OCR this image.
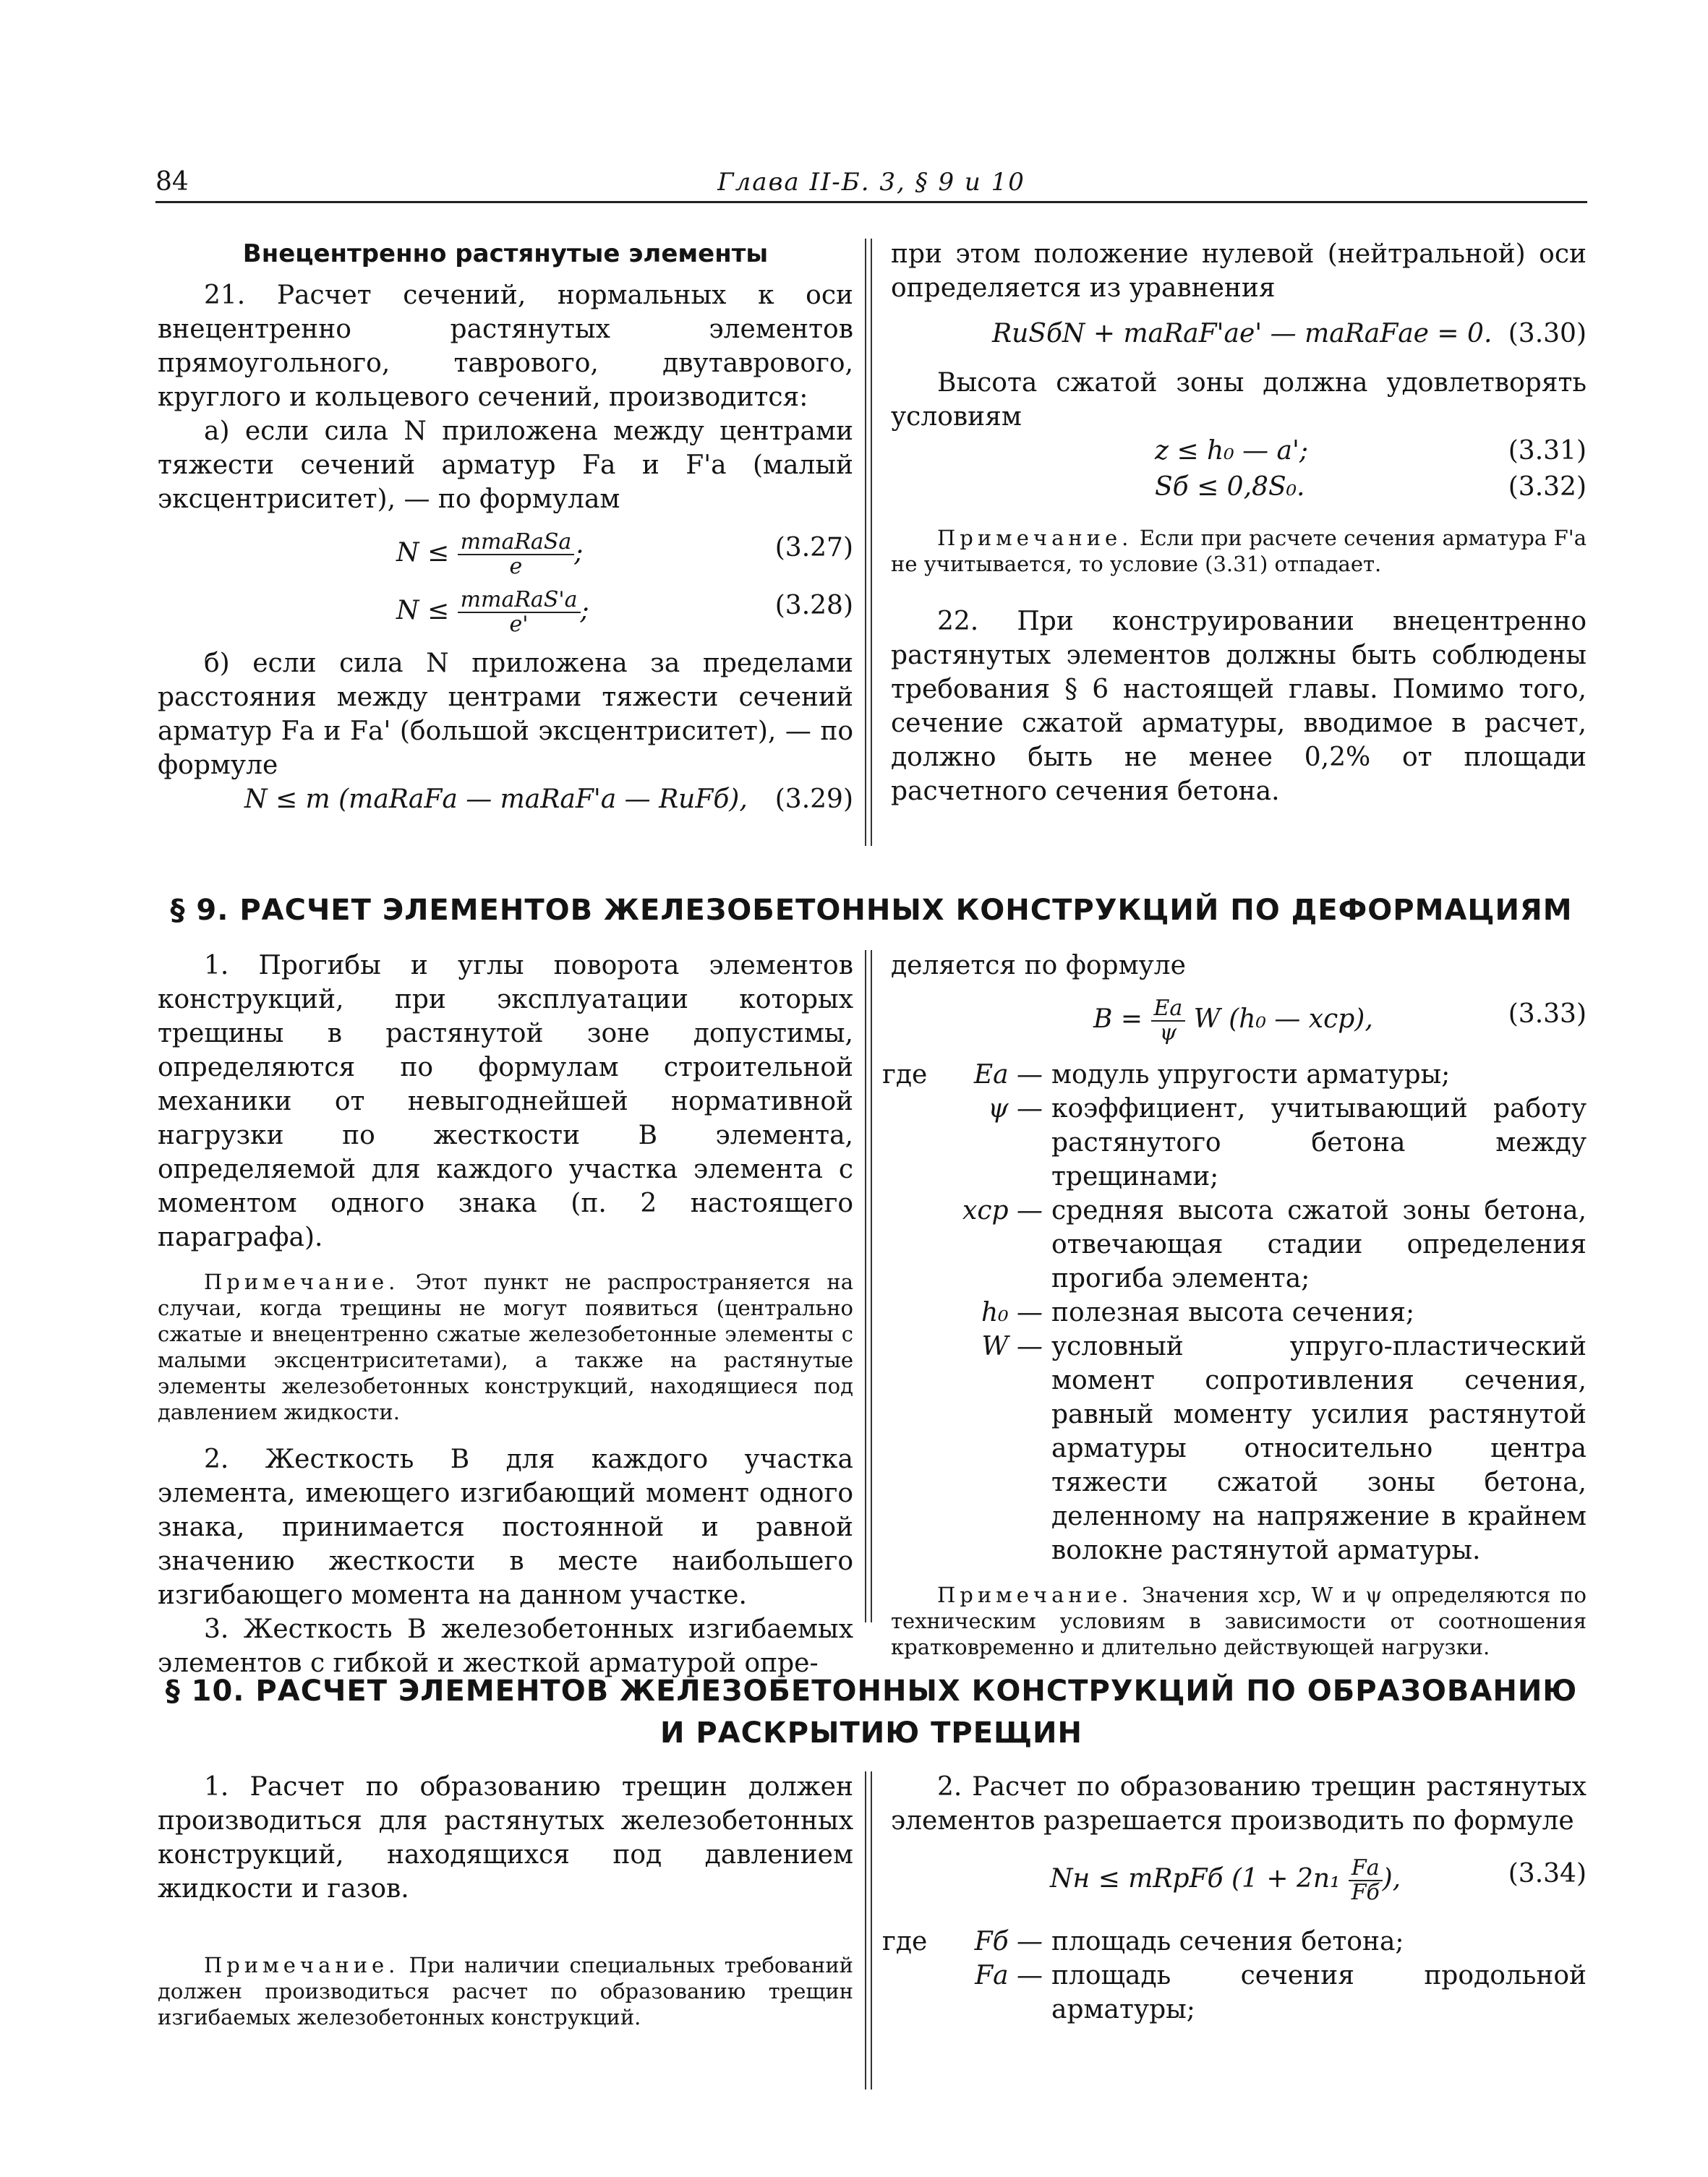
84	Глава II-Б. 3, § 9 и 10
Внецентренно растянутые элементы

21. Расчет сечений, нормальных к оси внецентренно растянутых элементов прямоугольного, таврового, двутаврового, круглого и кольцевого сечений, производится:

а) если сила N приложена между центрами тяжести сечений арматур Fа и F'а (малый эксцентриситет), — по формулам

$N \le \frac{\text{mmаRаSа}}{e}$ ;	(3.27)
$N \le \frac{\text{mmаRаS'а}}{e'}$ ;	(3.28)

б) если сила N приложена за пределами расстояния между центрами тяжести сечений арматур Fа и Fа' (большой эксцентриситет), — по формуле

N ≤ m (mаRаFа — mаRаF'а — RиFб), (3.29)

при этом положение нулевой (нейтральной) оси определяется из уравнения

RиSбN + mаRаF'аe' — mаRаFаe = 0. (3.30)

Высота сжатой зоны должна удовлетворять условиям

z ≤ h₀ — a';	(3.31)
Sб ≤ 0,8S₀.	(3.32)

Примечание. Если при расчете сечения арматура F'а не учитывается, то условие (3.31) отпадает.

22. При конструировании внецентренно растянутых элементов должны быть соблюдены требования § 6 настоящей главы. Помимо того, сечение сжатой арматуры, вводимое в расчет, должно быть не менее 0,2% от площади расчетного сечения бетона.

§ 9. РАСЧЕТ ЭЛЕМЕНТОВ ЖЕЛЕЗОБЕТОННЫХ КОНСТРУКЦИЙ ПО ДЕФОРМАЦИЯМ

1. Прогибы и углы поворота элементов конструкций, при эксплуатации которых трещины в растянутой зоне допустимы, определяются по формулам строительной механики от невыгоднейшей нормативной нагрузки по жесткости B элемента, определяемой для каждого участка элемента с моментом одного знака (п. 2 настоящего параграфа).

Примечание. Этот пункт не распространяется на случаи, когда трещины не могут появиться (центрально сжатые и внецентренно сжатые железобетонные элементы с малыми эксцентриситетами), а также на растянутые элементы железобетонных конструкций, находящиеся под давлением жидкости.

2. Жесткость B для каждого участка элемента, имеющего изгибающий момент одного знака, принимается постоянной и равной значению жесткости в месте наибольшего изгибающего момента на данном участке.

3. Жесткость B железобетонных изгибаемых элементов с гибкой и жесткой арматурой опре-

деляется по формуле

$B = \frac{Eа}{\psi}$ W (h₀ — xср),	(3.33)
где	Eа — модуль упругости арматуры;
ψ — коэффициент, учитывающий работу растянутого бетона между трещинами;
xср — средняя высота сжатой зоны бетона, отвечающая стадии определения прогиба элемента;
h₀ — полезная высота сечения;
W — условный упруго-пластический момент сопротивления сечения, равный моменту усилия растянутой арматуры относительно центра тяжести сжатой зоны бетона, деленному на напряжение в крайнем волокне растянутой арматуры.

Примечание. Значения xср, W и ψ определяются по техническим условиям в зависимости от соотношения кратковременно и длительно действующей нагрузки.

§ 10. РАСЧЕТ ЭЛЕМЕНТОВ ЖЕЛЕЗОБЕТОННЫХ КОНСТРУКЦИЙ ПО ОБРАЗОВАНИЮ
И РАСКРЫТИЮ ТРЕЩИН

1. Расчет по образованию трещин должен производиться для растянутых железобетонных конструкций, находящихся под давлением жидкости и газов.

Примечание. При наличии специальных требований должен производиться расчет по образованию трещин изгибаемых железобетонных конструкций.

2. Расчет по образованию трещин растянутых элементов разрешается производить по формуле

Nн ≤ mRрFб ($1 + 2n_1 \frac{Fа}{Fб}$ ),	(3.34)
где	Fб — площадь сечения бетона;
Fа — площадь сечения продольной арматуры;
